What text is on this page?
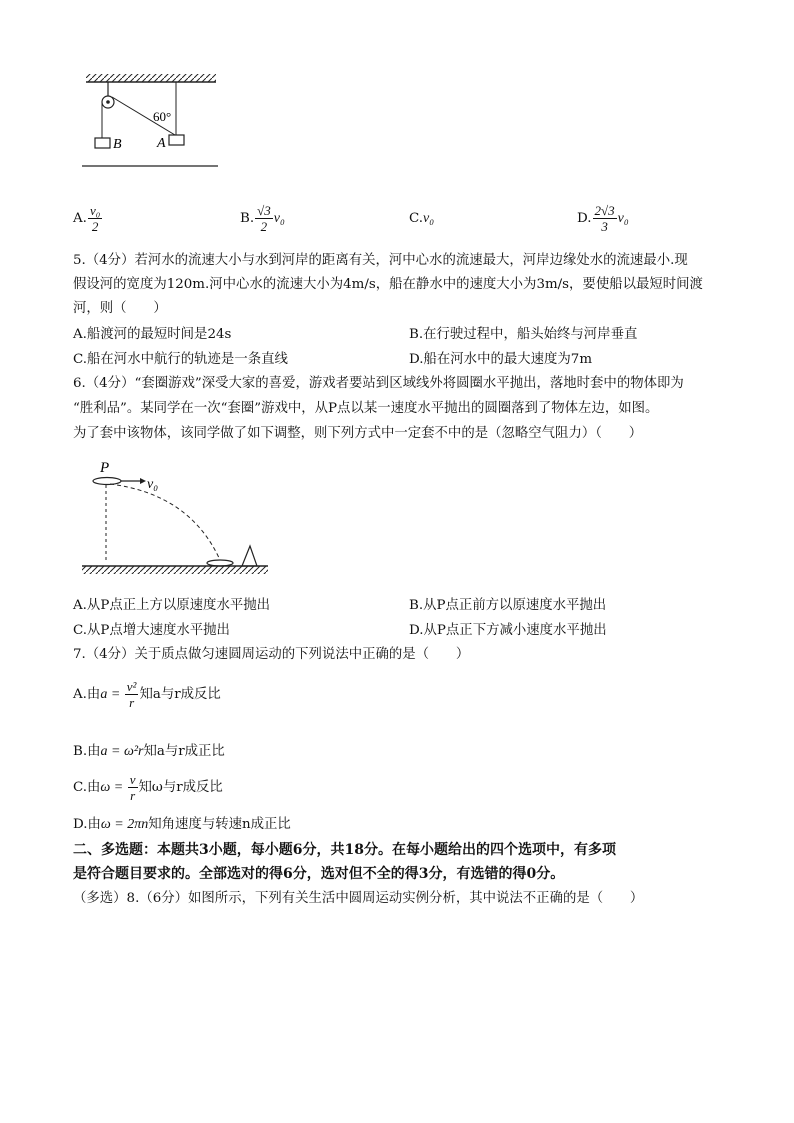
B	A
60°
A. $\frac{\text{v₀}}{2}$	B. $\frac{√3}{2} v_0$	C.v₀	D. $\frac{2√3}{3} v_0$
5.（4分）若河水的流速大小与水到河岸的距离有关，河中心水的流速最大，河岸边缘处水的流速最小.现
假设河的宽度为120m.河中心水的流速大小为4m/s，船在静水中的速度大小为3m/s，要使船以最短时间渡
河，则（　　）
A.船渡河的最短时间是24s	B.在行驶过程中，船头始终与河岸垂直
C.船在河水中航行的轨迹是一条直线	D.船在河水中的最大速度为7m
6.（4分）“套圈游戏”深受大家的喜爱，游戏者要站到区域线外将圆圈水平抛出，落地时套中的物体即为
“胜利品”。某同学在一次“套圈”游戏中，从P点以某一速度水平抛出的圆圈落到了物体左边，如图。
为了套中该物体，该同学做了如下调整，则下列方式中一定套不中的是（忽略空气阻力）（　　）
P
v₀
A.从P点正上方以原速度水平抛出	B.从P点正前方以原速度水平抛出
C.从P点增大速度水平抛出	D.从P点正下方减小速度水平抛出
7.（4分）关于质点做匀速圆周运动的下列说法中正确的是（　　）
A.由$a = \frac{\text{v²}}{r}$ 知a与r成反比
B.由a = ω²r知a与r成正比
C.由$\omega = \frac{v}{r}$ 知ω与r成反比
D.由ω = 2πn知角速度与转速n成正比
二、多选题：本题共3小题，每小题6分，共18分。在每小题给出的四个选项中，有多项
是符合题目要求的。全部选对的得6分，选对但不全的得3分，有选错的得0分。
（多选）8.（6分）如图所示，下列有关生活中圆周运动实例分析，其中说法不正确的是（　　）
